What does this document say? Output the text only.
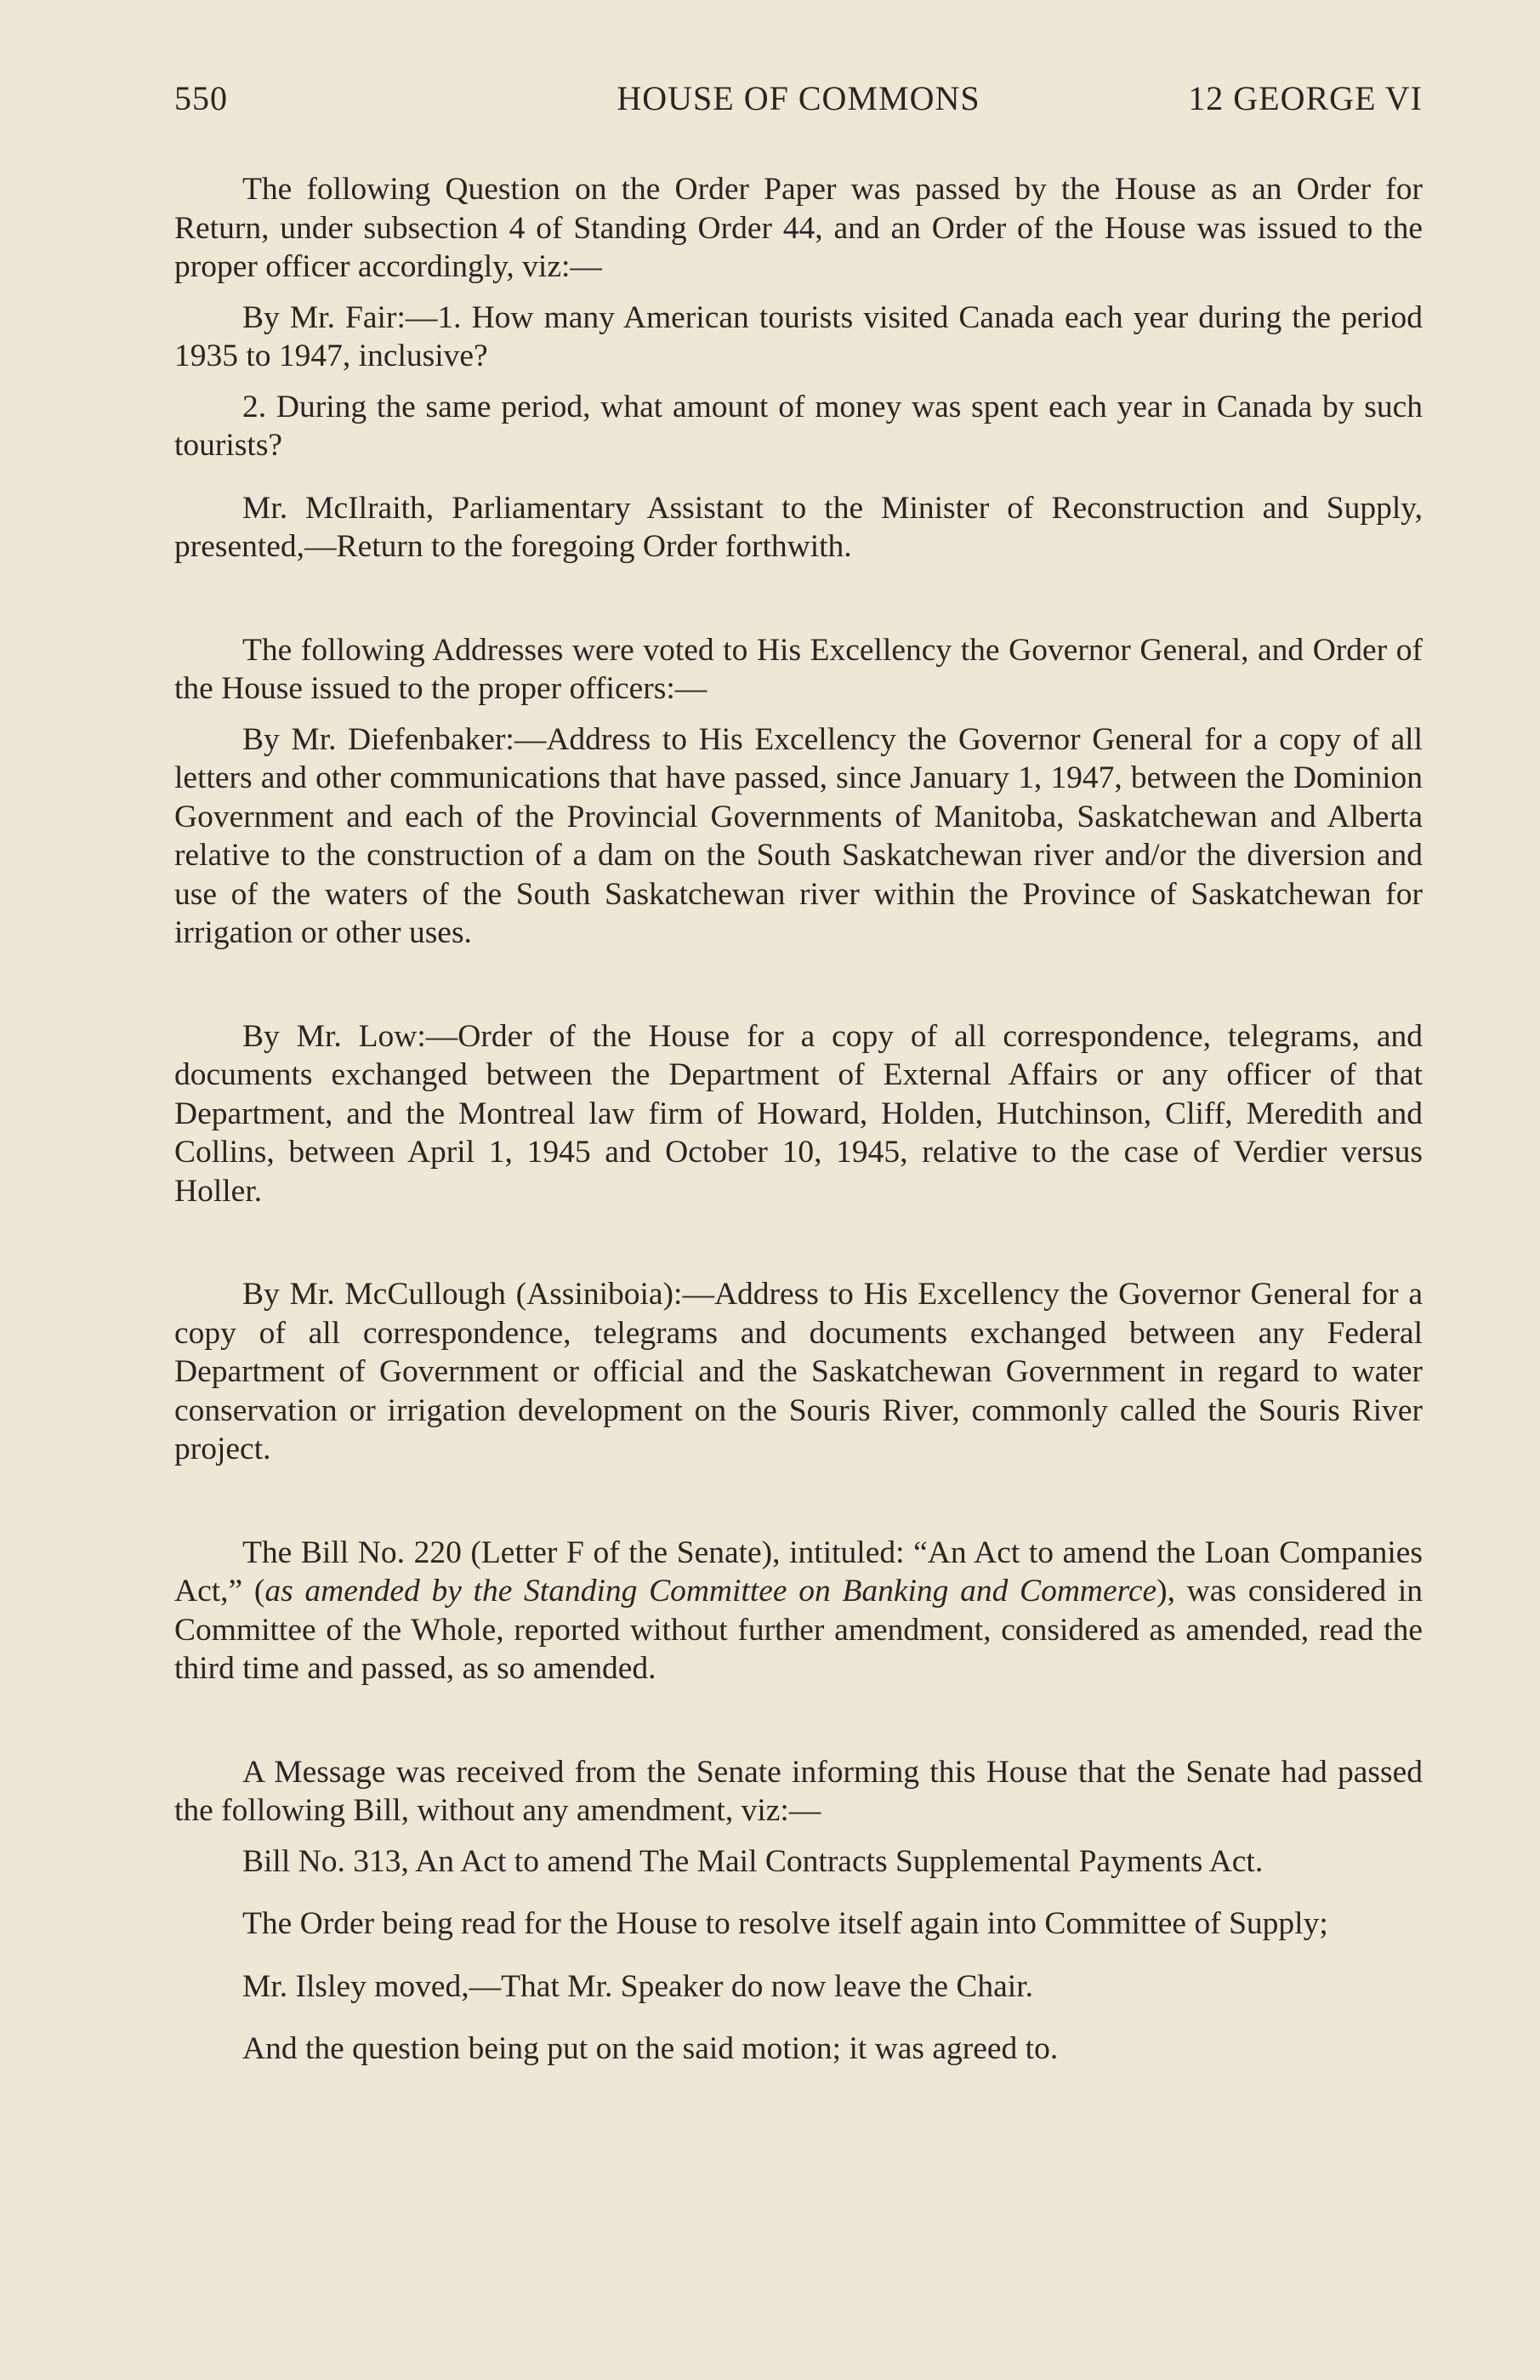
550	HOUSE OF COMMONS	12 GEORGE VI

The following Question on the Order Paper was passed by the House as an Order for Return, under subsection 4 of Standing Order 44, and an Order of the House was issued to the proper officer accordingly, viz:—

By Mr. Fair:—1. How many American tourists visited Canada each year during the period 1935 to 1947, inclusive?

2. During the same period, what amount of money was spent each year in Canada by such tourists?

Mr. McIlraith, Parliamentary Assistant to the Minister of Reconstruction and Supply, presented,—Return to the foregoing Order forthwith.

The following Addresses were voted to His Excellency the Governor General, and Order of the House issued to the proper officers:—

By Mr. Diefenbaker:—Address to His Excellency the Governor General for a copy of all letters and other communications that have passed, since January 1, 1947, between the Dominion Government and each of the Provincial Governments of Manitoba, Saskatchewan and Alberta relative to the construction of a dam on the South Saskatchewan river and/or the diversion and use of the waters of the South Saskatchewan river within the Province of Saskatchewan for irrigation or other uses.

By Mr. Low:—Order of the House for a copy of all correspondence, telegrams, and documents exchanged between the Department of External Affairs or any officer of that Department, and the Montreal law firm of Howard, Holden, Hutchinson, Cliff, Meredith and Collins, between April 1, 1945 and October 10, 1945, relative to the case of Verdier versus Holler.

By Mr. McCullough (Assiniboia):—Address to His Excellency the Governor General for a copy of all correspondence, telegrams and documents exchanged between any Federal Department of Government or official and the Saskatchewan Government in regard to water conservation or irrigation development on the Souris River, commonly called the Souris River project.

The Bill No. 220 (Letter F of the Senate), intituled: “An Act to amend the Loan Companies Act,” (as amended by the Standing Committee on Banking and Commerce), was considered in Committee of the Whole, reported without further amendment, considered as amended, read the third time and passed, as so amended.

A Message was received from the Senate informing this House that the Senate had passed the following Bill, without any amendment, viz:—

Bill No. 313, An Act to amend The Mail Contracts Supplemental Payments Act.

The Order being read for the House to resolve itself again into Committee of Supply;

Mr. Ilsley moved,—That Mr. Speaker do now leave the Chair.

And the question being put on the said motion; it was agreed to.
